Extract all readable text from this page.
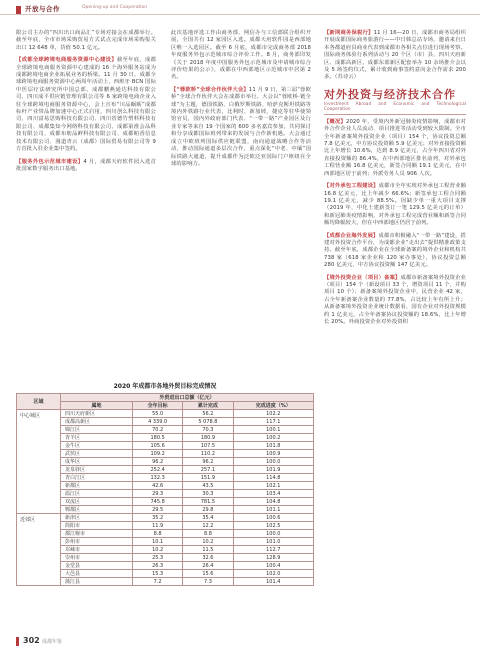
开放与合作	Opening-up and Cooperation

限公司主办的“四川出口商品汇”专场对接会在成都举行。截至年底，全市市场采购贸易方式试点完成市场采购报关出口 12 648 单，货值 50.1 亿元。

【成都全球跨境电商服务资源中心建设】

截至年底，成都全球跨境电商服务资源中心建成的 16 个海外服务站成为成都跨境电商企业拓展业务的桥梁。11 月 30 日，成都全球跨境电商服务资源中心两周年活动上，西班牙 BCN 国际中医层疗法研究所中国总部、成都鹏燕通达科技有限公司、四川成平供应链管理有限公司等 6 家跨境电商企业入驻全球跨境电商服务资源中心，会上宣布“川品蜗蛎”成都标杆产业带品牌加速中心正式启用，四川创么科技有限公司、四川富易思购科技有限公司、四川省德竹塑料科技有限公司、成都集知今网络科技有限公司、成都第淮会品科技有限公司、成都布舫品鲜科技有限公司、成都帕香信息技术有限公司、漫道青云（成都）国际贸易有限公司等 9 方首批入驻企业集中签约。

【服务外包示范城市建设】

4 月，成都天府软件园入选首批国家数字服务出口基地。

此次基地评选工作由商务部、网信办与工信部联合组织开展，全国共有 12 家园区入选。成都天府软件园是西部地区唯一入选园区。截至 6 月底，成都市完成商务部 2018 年度服务外包示范城市综合评价工作。8 月，商务部印发《关于 2018 年度中国服务外包示范城市及申请城市综合评价结果的公示》，成都在中西部地区示范城市中居第 2 名。

【“蓉欧桥”全球合作伙伴大会】

11 月 9 日，第三届“蓉欧桥”全球合作伙伴大会在成都市举行。大会以“蓉欧桥·链全球”为主题，德国铁路、白俄罗斯铁路、哈萨克斯坦铁路等境内外铁路行业代表，比利时、新加坡、捷克等驻华使领馆官员，国内外政府部门代表、“一带一路”产业园区及行业专家等来自 19 个国家的 600 多名嘉宾参加，共同探讨和分享成都国际班列带来的发展与合作新机遇。大会通过成立中欧班列国际供应链联盟，南向通道战略合作等活动，推动国际通道多层次合作，重点深化“中老、中缅”国际铁路大通道，提升成都作为泛欧泛亚国际门户枢纽在全球的影响力。

【新网商务保税行】

11 月 16—20 日，成都市商务局组织开展成都国际商务旅游行——中日韩总站专场，邀请来自日本各都道府县商业代表到成都市各相关点位进行现场考察。国际商务体验行系列活动与 20 个区（市）县、四川天府新区、成都高新区、成都东部新区配套举办 10 余场推介会以及 5 场签约仪式，累计收到商事签约意向金合作需求 200 多。（苏诗云）

对外投资与经济技术合作
Investment Abroad and Economic and Technological Cooperation
【概况】

2020 年，受境内外新冠肺炎疫情影响，成都市对外合作企业人员流动、项目推进等活动受到较大限制。全市全年新备案境外投资企业（项目）154 个，协议投资总额 7.8 亿美元，中方协议投资额 5.9 亿美元；对外直接投资额比上年增长 10.6%，达到 8.9 亿美元，占全年四川省对外直接投资额的 86.4%，在中西部地区排名前列，对外承包工程营业额 16.8 亿美元，新签合同额 19.1 亿美元，在中西部地区居于前列；外派劳务人员 906 人次。

【对外承包工程建设】

成都市全年实现对外承包工程营业额 16.8 亿美元，比上年减少 66.6%；新签承包工程合同额 19.1 亿美元，减少 88.5%。因缺少单一重大项目支撑（2019 年，中化士建新签订一笔 129.5 亿美元的订单）和新冠肺炎疫情影响，对外承包工程完成营业额和新签合同额均降幅较大，但在中西部地区仍居于前列。

【成都企业海外发展】

成都市积极融入“一带一路”建设，搭建对外投资合作平台，为成都企业“走出去”提供精准政策支持。截至年底，成都企业在全球新备案的境外企业和机构共 738 家（618 家企业和 120 家办事处），协议投资总额 280 亿美元，中方协议投资额 147 亿美元。

【境外投资企业（项目）备案】

成都市新备案境外投资企业（项目）154 个（新设项目 33 个，增资项目 11 个，并购项目 10 个）；新备案境外投资企业中，民营企业 42 家，占全年新备案企业数量的 77.8%，占比较上年有所上升；从新备案境外投资企业统计数据看，国有企业对外投资规模约 1 亿美元，占全年备案协议投资额的 18.6%，比上年增长 20%。外商投资企业对外投资积

2020 年成都市各地外贸目标完成情况
区域	外贸进出口总额（亿元）			
	属地	全年目标	累计完成	完成进度（%）
中心城区	四川天府新区	55.0	56.2	102.2
	成都高新区	4 339.0	5 078.8	117.1
	锦江区	70.2	70.3	100.1
	青羊区	180.5	180.9	100.2
	金牛区	105.6	107.5	101.8
	武侯区	109.2	110.2	100.9
	成华区	96.2	96.2	100.0
	龙泉驿区	252.4	257.1	101.9
	青白江区	132.3	151.9	114.8
	新都区	42.6	43.5	102.1
	温江区	29.3	30.3	103.4
	双流区	745.8	781.5	104.8
	郫都区	29.5	29.8	101.1
近郊区	新津区	35.2	35.4	100.6
	简阳市	11.9	12.2	102.5
	都江堰市	8.8	8.8	100.0
	彭州市	10.1	10.2	101.0
	邛崃市	10.2	11.5	112.7
	崇州市	25.3	32.6	128.9
	金堂县	26.3	26.4	100.4
	大邑县	15.3	15.6	102.0
	蒲江县	7.2	7.3	101.4
302 成都年鉴
